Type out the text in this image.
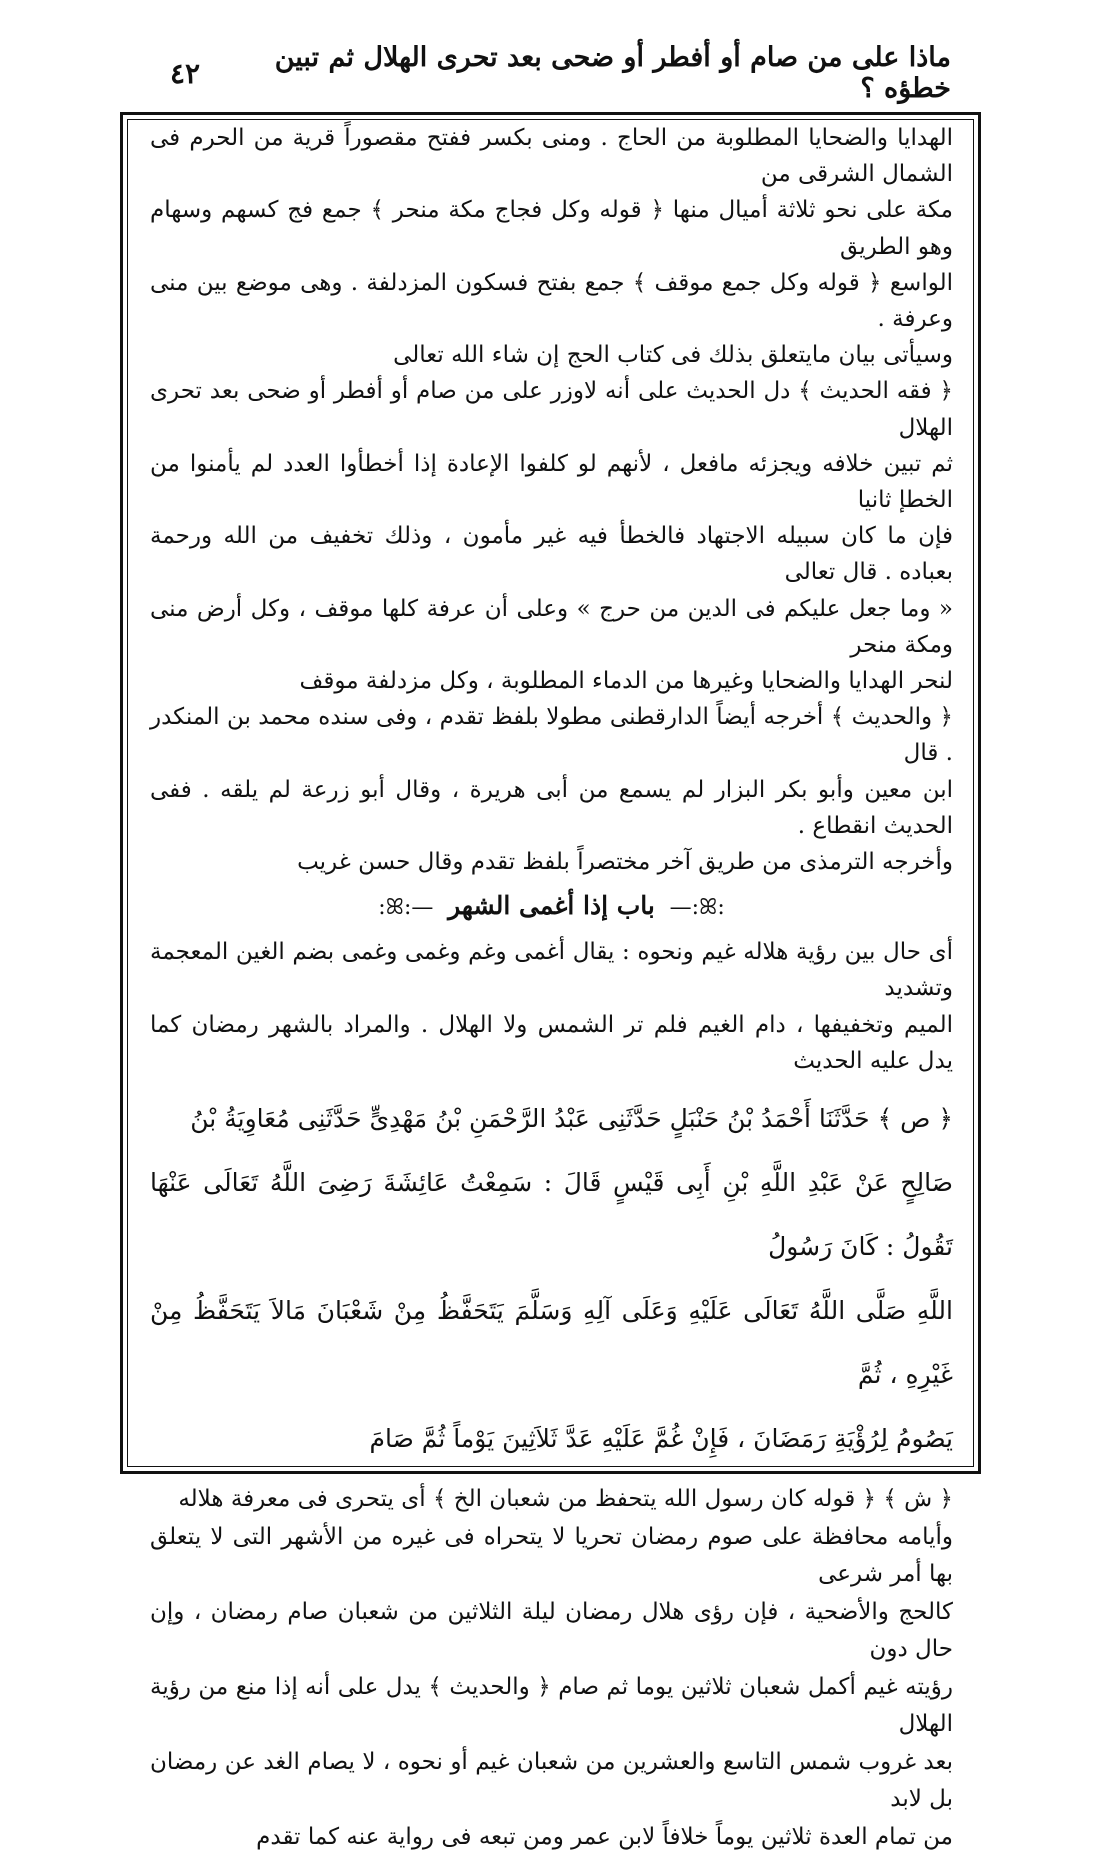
٤٢	ماذا على من صام أو أفطر أو ضحى بعد تحرى الهلال ثم تبين خطؤه ؟

الهدايا والضحايا المطلوبة من الحاج . ومنى بكسر ففتح مقصوراً قرية من الحرم فى الشمال الشرقى من

مكة على نحو ثلاثة أميال منها ﴿ قوله وكل فجاج مكة منحر ﴾ جمع فج كسهم وسهام وهو الطريق

الواسع ﴿ قوله وكل جمع موقف ﴾ جمع بفتح فسكون المزدلفة . وهى موضع بين منى وعرفة .

وسيأتى بيان مايتعلق بذلك فى كتاب الحج إن شاء الله تعالى

﴿ فقه الحديث ﴾ دل الحديث على أنه لاوزر على من صام أو أفطر أو ضحى بعد تحرى الهلال

ثم تبين خلافه ويجزئه مافعل ، لأنهم لو كلفوا الإعادة إذا أخطأوا العدد لم يأمنوا من الخطإ ثانيا

فإن ما كان سبيله الاجتهاد فالخطأ فيه غير مأمون ، وذلك تخفيف من الله ورحمة بعباده . قال تعالى

« وما جعل عليكم فى الدين من حرج » وعلى أن عرفة كلها موقف ، وكل أرض منى ومكة منحر

لنحر الهدايا والضحايا وغيرها من الدماء المطلوبة ، وكل مزدلفة موقف

﴿ والحديث ﴾ أخرجه أيضاً الدارقطنى مطولا بلفظ تقدم ، وفى سنده محمد بن المنكدر . قال

ابن معين وأبو بكر البزار لم يسمع من أبى هريرة ، وقال أبو زرعة لم يلقه . ففى الحديث انقطاع .

وأخرجه الترمذى من طريق آخر مختصراً بلفظ تقدم وقال حسن غريب

:ꕤ:— باب إذا أغمى الشهر —:ꕤ:

أى حال بين رؤية هلاله غيم ونحوه : يقال أغمى وغم وغمى وغمى بضم الغين المعجمة وتشديد

الميم وتخفيفها ، دام الغيم فلم تر الشمس ولا الهلال . والمراد بالشهر رمضان كما يدل عليه الحديث

﴿ ص ﴾ حَدَّثَنَا أَحْمَدُ بْنُ حَنْبَلٍ حَدَّثَنِى عَبْدُ الرَّحْمَنِ بْنُ مَهْدِىٍّ حَدَّثَنِى مُعَاوِيَةُ بْنُ

صَالِحٍ عَنْ عَبْدِ اللَّهِ بْنِ أَبِى قَيْسٍ قَالَ : سَمِعْتُ عَائِشَةَ رَضِىَ اللَّهُ تَعَالَى عَنْهَا تَقُولُ : كَانَ رَسُولُ

اللَّهِ صَلَّى اللَّهُ تَعَالَى عَلَيْهِ وَعَلَى آلِهِ وَسَلَّمَ يَتَحَفَّظُ مِنْ شَعْبَانَ مَالاَ يَتَحَفَّظُ مِنْ غَيْرِهِ ، ثُمَّ

يَصُومُ لِرُؤْيَةِ رَمَضَانَ ، فَإِنْ غُمَّ عَلَيْهِ عَدَّ ثَلاَثِينَ يَوْماً ثُمَّ صَامَ

﴿ ش ﴾ ﴿ قوله كان رسول الله يتحفظ من شعبان الخ ﴾ أى يتحرى فى معرفة هلاله

وأيامه محافظة على صوم رمضان تحريا لا يتحراه فى غيره من الأشهر التى لا يتعلق بها أمر شرعى

كالحج والأضحية ، فإن رؤى هلال رمضان ليلة الثلاثين من شعبان صام رمضان ، وإن حال دون

رؤيته غيم أكمل شعبان ثلاثين يوما ثم صام ﴿ والحديث ﴾ يدل على أنه إذا منع من رؤية الهلال

بعد غروب شمس التاسع والعشرين من شعبان غيم أو نحوه ، لا يصام الغد عن رمضان بل لابد

من تمام العدة ثلاثين يوماً خلافاً لابن عمر ومن تبعه فى رواية عنه كما تقدم
